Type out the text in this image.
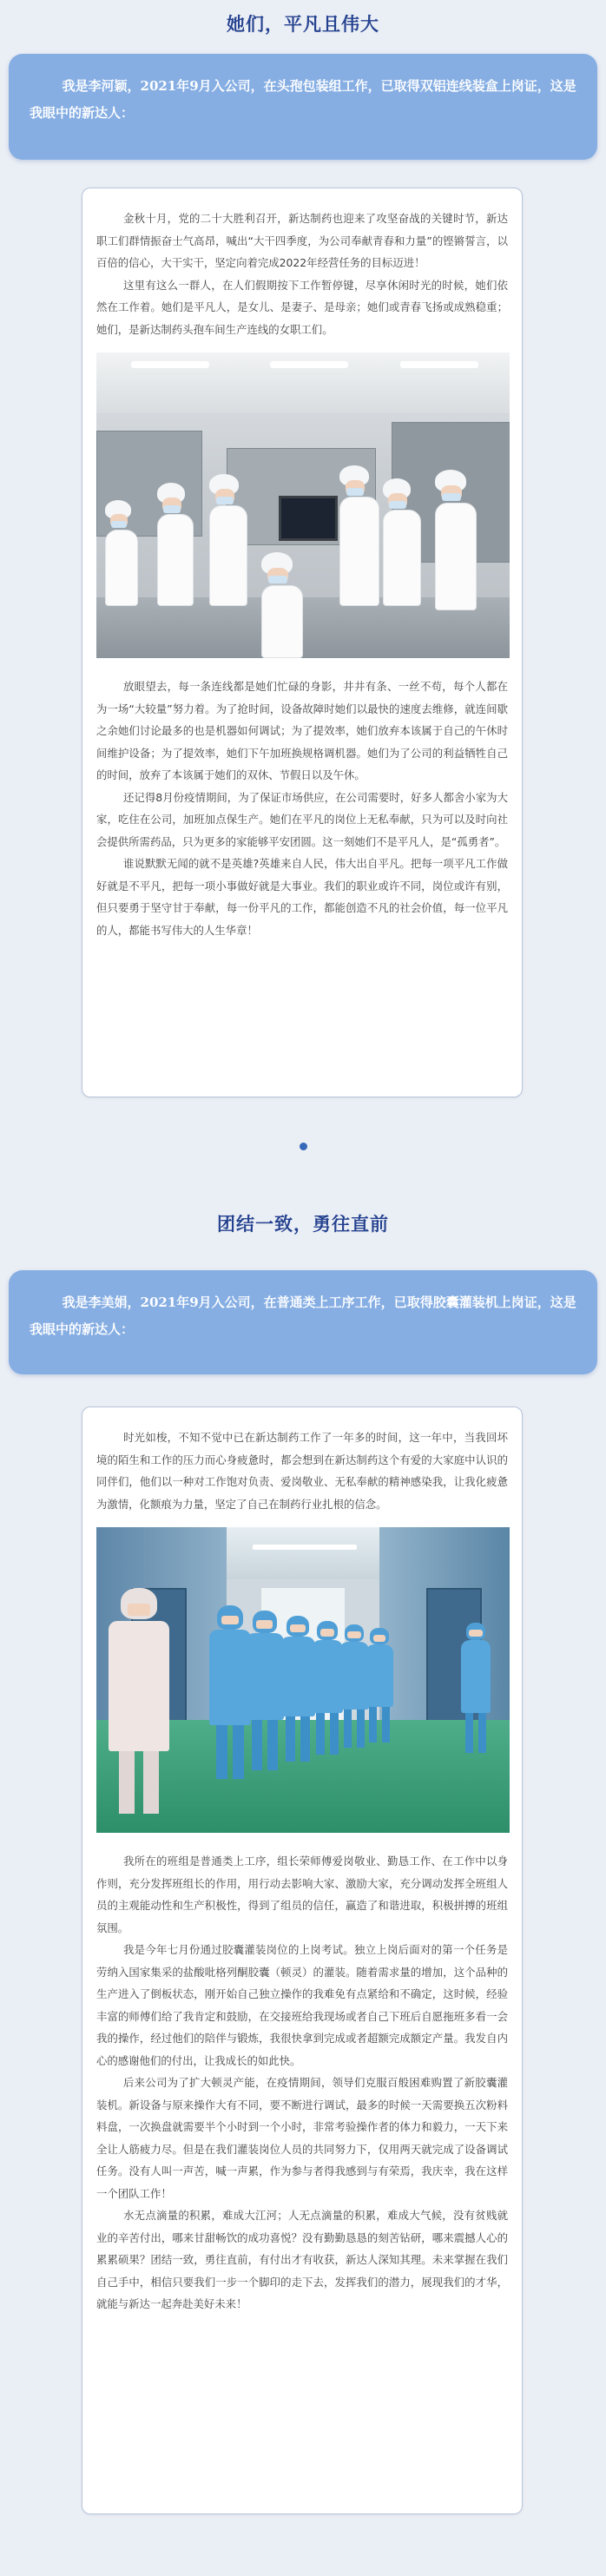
她们，平凡且伟大
我是李河颖，2021年9月入公司，在头孢包装组工作，已取得双铝连线装盒上岗证，这是我眼中的新达人：

金秋十月，党的二十大胜利召开，新达制药也迎来了攻坚奋战的关键时节，新达职工们群情振奋士气高昂，喊出“大干四季度，为公司奉献青春和力量”的铿锵誓言，以百倍的信心，大干实干，坚定向着完成2022年经营任务的目标迈进！

这里有这么一群人，在人们假期按下工作暂停键，尽享休闲时光的时候，她们依然在工作着。她们是平凡人，是女儿、是妻子、是母亲；她们或青春飞扬或成熟稳重；她们，是新达制药头孢车间生产连线的女职工们。

放眼望去，每一条连线都是她们忙碌的身影，井井有条、一丝不苟，每个人都在为一场“大较量”努力着。为了抢时间，设备故障时她们以最快的速度去维修，就连间歇之余她们讨论最多的也是机器如何调试；为了提效率，她们放弃本该属于自己的午休时间维护设备；为了提效率，她们下午加班换规格调机器。她们为了公司的利益牺牲自己的时间，放弃了本该属于她们的双休、节假日以及午休。

还记得8月份疫情期间，为了保证市场供应，在公司需要时，好多人都舍小家为大家，吃住在公司，加班加点保生产。她们在平凡的岗位上无私奉献，只为可以及时向社会提供所需药品，只为更多的家能够平安团圆。这一刻她们不是平凡人，是“孤勇者”。

谁说默默无闻的就不是英雄?英雄来自人民，伟大出自平凡。把每一项平凡工作做好就是不平凡，把每一项小事做好就是大事业。我们的职业或许不同，岗位或许有别，但只要勇于坚守甘于奉献，每一份平凡的工作，都能创造不凡的社会价值，每一位平凡的人，都能书写伟大的人生华章！

团结一致，勇往直前
我是李美娟，2021年9月入公司，在普通类上工序工作，已取得胶囊灌装机上岗证，这是我眼中的新达人：

时光如梭，不知不觉中已在新达制药工作了一年多的时间，这一年中，当我回坏境的陌生和工作的压力而心身疲惫时，都会想到在新达制药这个有爱的大家庭中认识的同伴们，他们以一种对工作饱对负责、爱岗敬业、无私奉献的精神感染我，让我化疲惫为激情，化额痕为力量，坚定了自己在制药行业扎根的信念。

我所在的班组是普通类上工序，组长荣师傅爱岗敬业、勤恳工作、在工作中以身作则，充分发挥班组长的作用，用行动去影响大家、激励大家，充分调动发挥全班组人员的主观能动性和生产积极性，得到了组员的信任，赢造了和谐进取，积极拼搏的班组氛围。

我是今年七月份通过胶囊灌装岗位的上岗考试。独立上岗后面对的第一个任务是劳纳入国家集采的盐酸吡格列酮胶囊（顿灵）的灌装。随着需求量的增加，这个品种的生产进入了倒板状态，刚开始自己独立操作的我难免有点紧给和不确定，这时候，经验丰富的师傅们给了我肯定和鼓励，在交接班给我现场或者自己下班后自愿拖班多看一会我的操作，经过他们的陪伴与锻炼，我很快拿到完成或者超额完成额定产量。我发自内心的感谢他们的付出，让我成长的如此快。

后来公司为了扩大顿灵产能，在疫情期间，领导们克服百般困难购置了新胶囊灌装机。新设备与原来操作大有不同，要不断进行调试，最多的时候一天需要换五次粉料料盘，一次换盘就需要半个小时到一个小时，非常考验操作者的体力和毅力，一天下来全让人筋疲力尽。但是在我们灌装岗位人员的共同努力下，仅用两天就完成了设备调试任务。没有人叫一声苦，喊一声累，作为参与者得我感到与有荣焉，我庆幸，我在这样一个团队工作！

水无点滴量的积累，难成大江河；人无点滴量的积累，难成大气候，没有贫贱就业的辛苦付出，哪来甘甜畅饮的成功喜悦？没有勤勤恳恳的刻苦钻研，哪来震撼人心的累累硕果？团结一致，勇往直前，有付出才有收获，新达人深知其理。未来掌握在我们自己手中，相信只要我们一步一个脚印的走下去，发挥我们的潜力，展现我们的才华，就能与新达一起奔赴美好未来！
